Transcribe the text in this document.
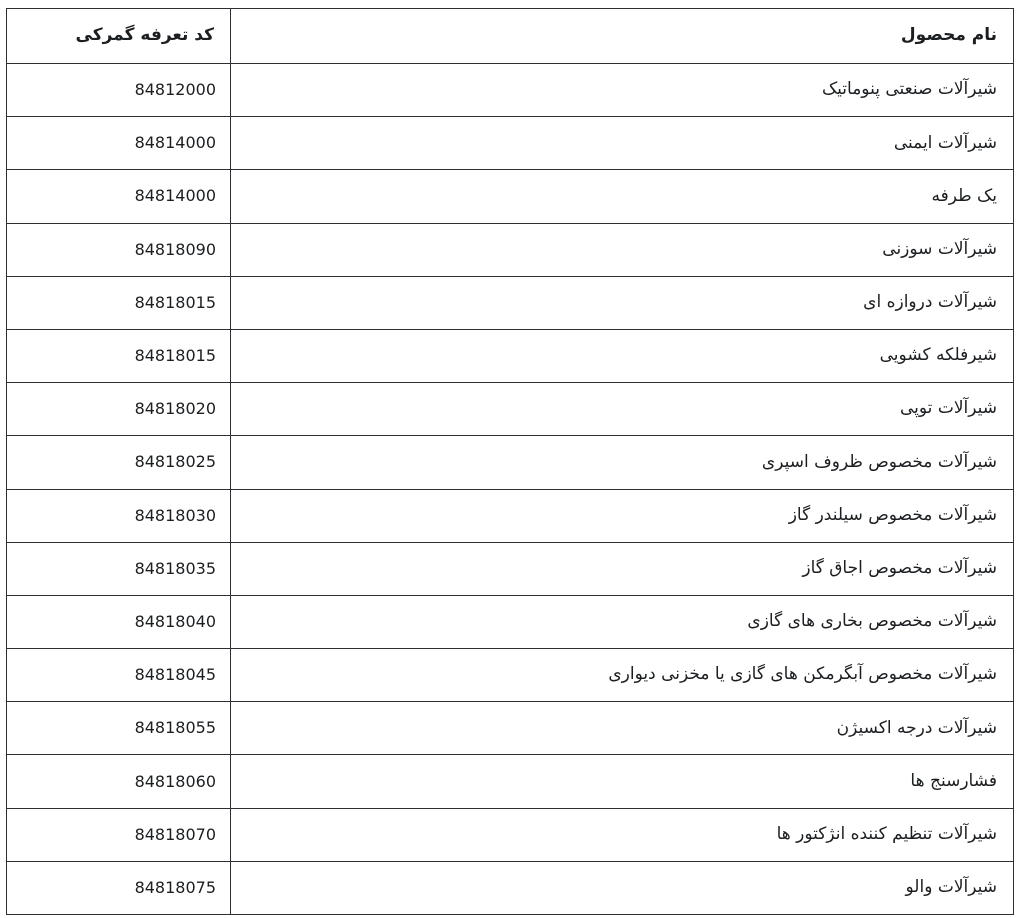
نام محصول	کد تعرفه گمرکی
شیرآلات صنعتی پنوماتیک	84812000
شیرآلات ایمنی	84814000
یک طرفه	84814000
شیرآلات سوزنی	84818090
شیرآلات دروازه ای	84818015
شیرفلکه کشویی	84818015
شیرآلات توپی	84818020
شیرآلات مخصوص ظروف اسپری	84818025
شیرآلات مخصوص سیلندر گاز	84818030
شیرآلات مخصوص اجاق گاز	84818035
شیرآلات مخصوص بخاری های گازی	84818040
شیرآلات مخصوص آبگرمکن های گازی یا مخزنی دیواری	84818045
شیرآلات درجه اکسیژن	84818055
فشارسنج ها	84818060
شیرآلات تنظیم کننده انژکتور ها	84818070
شیرآلات والو	84818075
